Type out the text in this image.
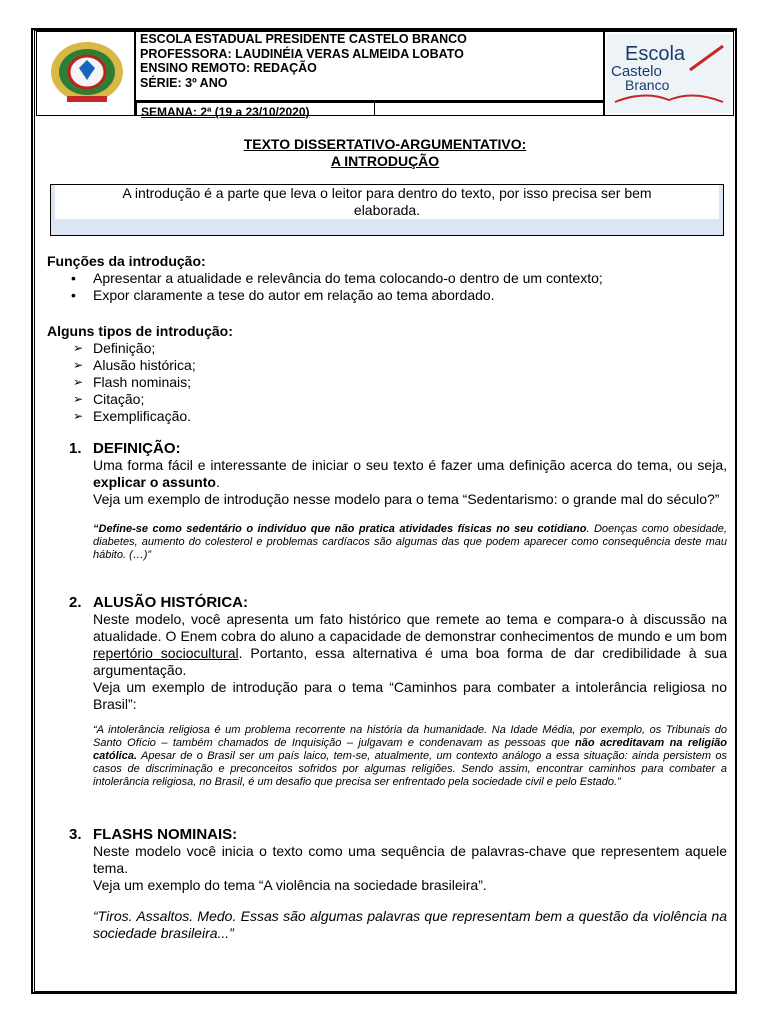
ESCOLA ESTADUAL PRESIDENTE CASTELO BRANCO
PROFESSORA: LAUDINÉIA VERAS ALMEIDA LOBATO
ENSINO REMOTO: REDAÇÃO
SÉRIE: 3º ANO
SEMANA: 2ª (19 a 23/10/2020)
Escola
Castelo
Branco
TEXTO DISSERTATIVO-ARGUMENTATIVO:
A INTRODUÇÃO

A introdução é a parte que leva o leitor para dentro do texto, por isso precisa ser bem
elaborada.

Funções da introdução:
• Apresentar a atualidade e relevância do tema colocando-o dentro de um contexto;
• Expor claramente a tese do autor em relação ao tema abordado.
Alguns tipos de introdução:
➢ Definição;
➢ Alusão histórica;
➢ Flash nominais;
➢ Citação;
➢ Exemplificação.
1. DEFINIÇÃO:
Uma forma fácil e interessante de iniciar o seu texto é fazer uma definição acerca do tema, ou seja, explicar o assunto.
Veja um exemplo de introdução nesse modelo para o tema “Sedentarismo: o grande mal do século?”
“Define-se como sedentário o indivíduo que não pratica atividades físicas no seu cotidiano. Doenças como obesidade, diabetes, aumento do colesterol e problemas cardíacos são algumas das que podem aparecer como consequência deste mau hábito. (…)”
2. ALUSÃO HISTÓRICA:
Neste modelo, você apresenta um fato histórico que remete ao tema e compara-o à discussão na atualidade. O Enem cobra do aluno a capacidade de demonstrar conhecimentos de mundo e um bom repertório sociocultural. Portanto, essa alternativa é uma boa forma de dar credibilidade à sua argumentação.
Veja um exemplo de introdução para o tema “Caminhos para combater a intolerância religiosa no Brasil”:
“A intolerância religiosa é um problema recorrente na história da humanidade. Na Idade Média, por exemplo, os Tribunais do Santo Ofício – também chamados de Inquisição – julgavam e condenavam as pessoas que não acreditavam na religião católica. Apesar de o Brasil ser um país laico, tem-se, atualmente, um contexto análogo a essa situação: ainda persistem os casos de discriminação e preconceitos sofridos por algumas religiões. Sendo assim, encontrar caminhos para combater a intolerância religiosa, no Brasil, é um desafio que precisa ser enfrentado pela sociedade civil e pelo Estado.”
3. FLASHS NOMINAIS:
Neste modelo você inicia o texto como uma sequência de palavras-chave que representem aquele tema.
Veja um exemplo do tema “A violência na sociedade brasileira”.
“Tiros. Assaltos. Medo. Essas são algumas palavras que representam bem a questão da violência na sociedade brasileira...”
